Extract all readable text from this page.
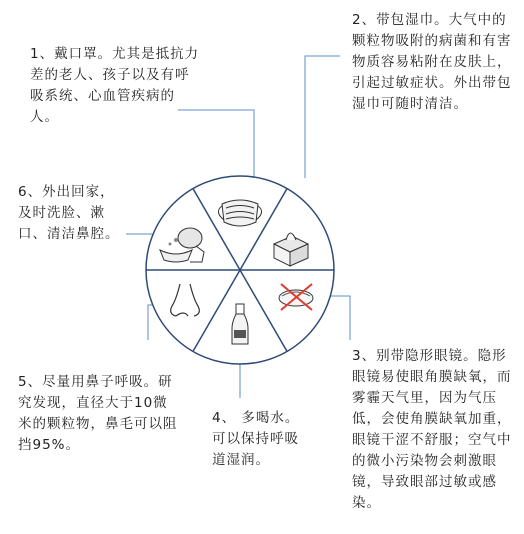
1、戴口罩。尤其是抵抗力差的老人、孩子以及有呼吸系统、心血管疾病的人。
2、带包湿巾。大气中的颗粒物吸附的病菌和有害物质容易粘附在皮肤上，引起过敏症状。外出带包湿巾可随时清洁。
3、别带隐形眼镜。隐形眼镜易使眼角膜缺氧，而雾霾天气里，因为气压低，会使角膜缺氧加重，眼镜干涩不舒服；空气中的微小污染物会刺激眼镜，导致眼部过敏或感染。
4、 多喝水。可以保持呼吸道湿润。
5、尽量用鼻子呼吸。研究发现，直径大于10微米的颗粒物，鼻毛可以阻挡95%。
6、外出回家，及时洗脸、漱口、清洁鼻腔。
